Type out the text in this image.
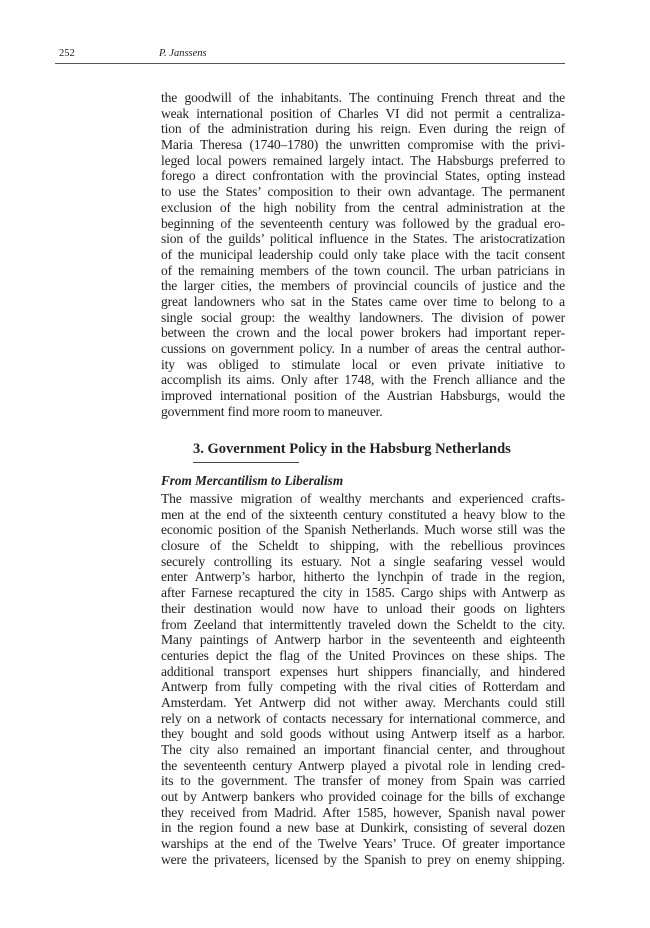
252	P. Janssens
the goodwill of the inhabitants. The continuing French threat and the
weak international position of Charles VI did not permit a centraliza-
tion of the administration during his reign. Even during the reign of
Maria Theresa (1740–1780) the unwritten compromise with the privi-
leged local powers remained largely intact. The Habsburgs preferred to
forego a direct confrontation with the provincial States, opting instead
to use the States’ composition to their own advantage. The permanent
exclusion of the high nobility from the central administration at the
beginning of the seventeenth century was followed by the gradual ero-
sion of the guilds’ political influence in the States. The aristocratization
of the municipal leadership could only take place with the tacit consent
of the remaining members of the town council. The urban patricians in
the larger cities, the members of provincial councils of justice and the
great landowners who sat in the States came over time to belong to a
single social group: the wealthy landowners. The division of power
between the crown and the local power brokers had important reper-
cussions on government policy. In a number of areas the central author-
ity was obliged to stimulate local or even private initiative to
accomplish its aims. Only after 1748, with the French alliance and the
improved international position of the Austrian Habsburgs, would the
government find more room to maneuver.
3. Government Policy in the Habsburg Netherlands
From Mercantilism to Liberalism
The massive migration of wealthy merchants and experienced crafts-
men at the end of the sixteenth century constituted a heavy blow to the
economic position of the Spanish Netherlands. Much worse still was the
closure of the Scheldt to shipping, with the rebellious provinces
securely controlling its estuary. Not a single seafaring vessel would
enter Antwerp’s harbor, hitherto the lynchpin of trade in the region,
after Farnese recaptured the city in 1585. Cargo ships with Antwerp as
their destination would now have to unload their goods on lighters
from Zeeland that intermittently traveled down the Scheldt to the city.
Many paintings of Antwerp harbor in the seventeenth and eighteenth
centuries depict the flag of the United Provinces on these ships. The
additional transport expenses hurt shippers financially, and hindered
Antwerp from fully competing with the rival cities of Rotterdam and
Amsterdam. Yet Antwerp did not wither away. Merchants could still
rely on a network of contacts necessary for international commerce, and
they bought and sold goods without using Antwerp itself as a harbor.
The city also remained an important financial center, and throughout
the seventeenth century Antwerp played a pivotal role in lending cred-
its to the government. The transfer of money from Spain was carried
out by Antwerp bankers who provided coinage for the bills of exchange
they received from Madrid. After 1585, however, Spanish naval power
in the region found a new base at Dunkirk, consisting of several dozen
warships at the end of the Twelve Years’ Truce. Of greater importance
were the privateers, licensed by the Spanish to prey on enemy shipping.
